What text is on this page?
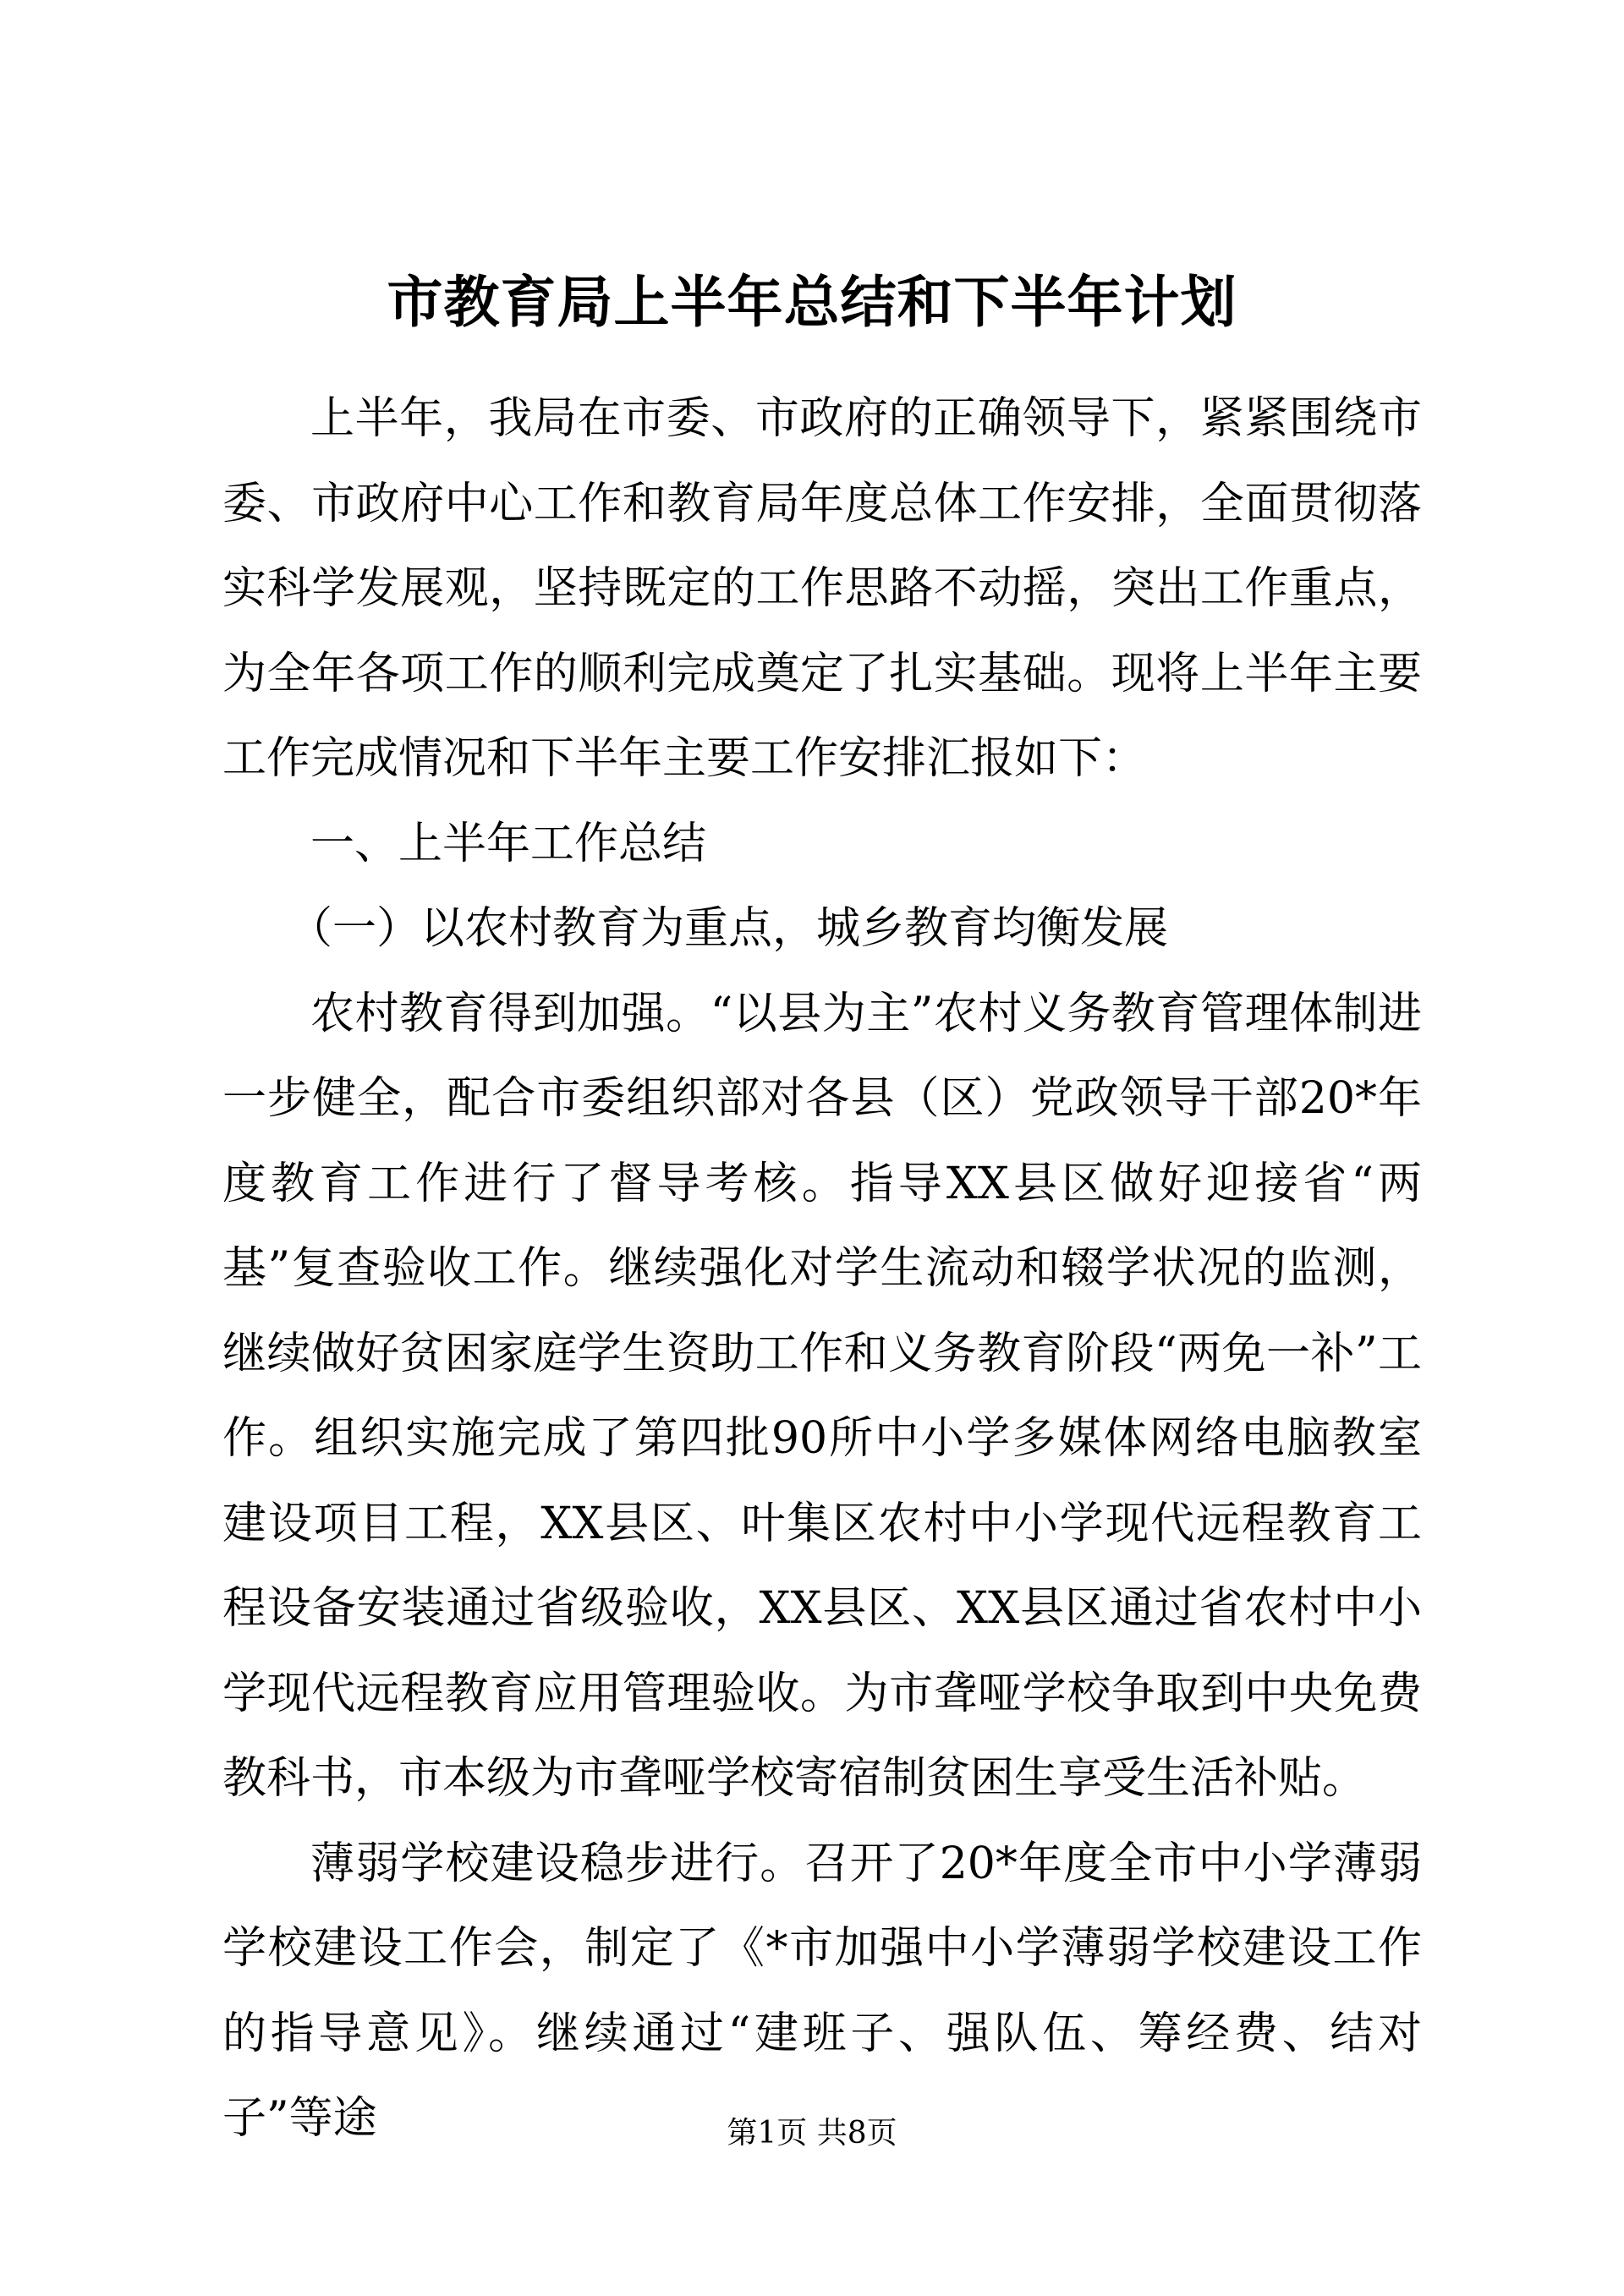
市教育局上半年总结和下半年计划

上半年，我局在市委、市政府的正确领导下，紧紧围绕市委、市政府中心工作和教育局年度总体工作安排，全面贯彻落实科学发展观，坚持既定的工作思路不动摇，突出工作重点，为全年各项工作的顺利完成奠定了扎实基础。现将上半年主要工作完成情况和下半年主要工作安排汇报如下：

一、上半年工作总结

（一）以农村教育为重点，城乡教育均衡发展

农村教育得到加强。“以县为主”农村义务教育管理体制进一步健全，配合市委组织部对各县（区）党政领导干部20*年度教育工作进行了督导考核。指导XX县区做好迎接省“两基”复查验收工作。继续强化对学生流动和辍学状况的监测，继续做好贫困家庭学生资助工作和义务教育阶段“两免一补”工作。组织实施完成了第四批90所中小学多媒体网络电脑教室建设项目工程，XX县区、叶集区农村中小学现代远程教育工程设备安装通过省级验收，XX县区、XX县区通过省农村中小学现代远程教育应用管理验收。为市聋哑学校争取到中央免费教科书，市本级为市聋哑学校寄宿制贫困生享受生活补贴。

薄弱学校建设稳步进行。召开了20*年度全市中小学薄弱学校建设工作会，制定了《*市加强中小学薄弱学校建设工作的指导意见》。继续通过“建班子、强队伍、筹经费、结对子”等途	第1页 共8页
